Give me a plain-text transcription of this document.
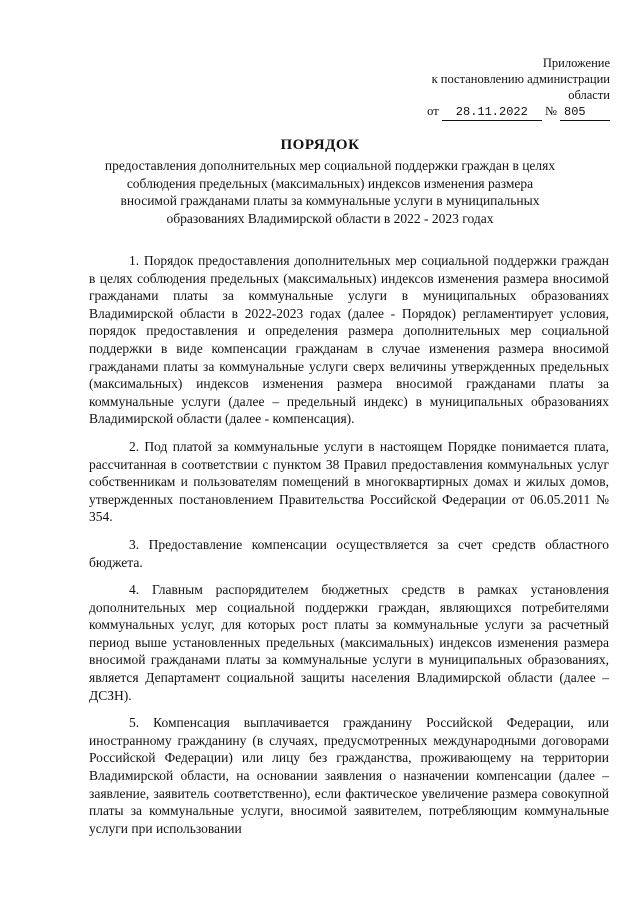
Приложение
к постановлению администрации
области
от 28.11.2022 № 805
ПОРЯДОК
предоставления дополнительных мер социальной поддержки граждан в целях соблюдения предельных (максимальных) индексов изменения размера вносимой гражданами платы за коммунальные услуги в муниципальных образованиях Владимирской области в 2022 - 2023 годах

1. Порядок предоставления дополнительных мер социальной поддержки граждан в целях соблюдения предельных (максимальных) индексов изменения размера вносимой гражданами платы за коммунальные услуги в муниципальных образованиях Владимирской области в 2022-2023 годах (далее - Порядок) регламентирует условия, порядок предоставления и определения размера дополнительных мер социальной поддержки в виде компенсации гражданам в случае изменения размера вносимой гражданами платы за коммунальные услуги сверх величины утвержденных предельных (максимальных) индексов изменения размера вносимой гражданами платы за коммунальные услуги (далее – предельный индекс) в муниципальных образованиях Владимирской области (далее - компенсация).

2. Под платой за коммунальные услуги в настоящем Порядке понимается плата, рассчитанная в соответствии с пунктом 38 Правил предоставления коммунальных услуг собственникам и пользователям помещений в многоквартирных домах и жилых домов, утвержденных постановлением Правительства Российской Федерации от 06.05.2011 № 354.

3. Предоставление компенсации осуществляется за счет средств областного бюджета.

4. Главным распорядителем бюджетных средств в рамках установления дополнительных мер социальной поддержки граждан, являющихся потребителями коммунальных услуг, для которых рост платы за коммунальные услуги за расчетный период выше установленных предельных (максимальных) индексов изменения размера вносимой гражданами платы за коммунальные услуги в муниципальных образованиях, является Департамент социальной защиты населения Владимирской области (далее – ДСЗН).

5. Компенсация выплачивается гражданину Российской Федерации, или иностранному гражданину (в случаях, предусмотренных международными договорами Российской Федерации) или лицу без гражданства, проживающему на территории Владимирской области, на основании заявления о назначении компенсации (далее – заявление, заявитель соответственно), если фактическое увеличение размера совокупной платы за коммунальные услуги, вносимой заявителем, потребляющим коммунальные услуги при использовании
